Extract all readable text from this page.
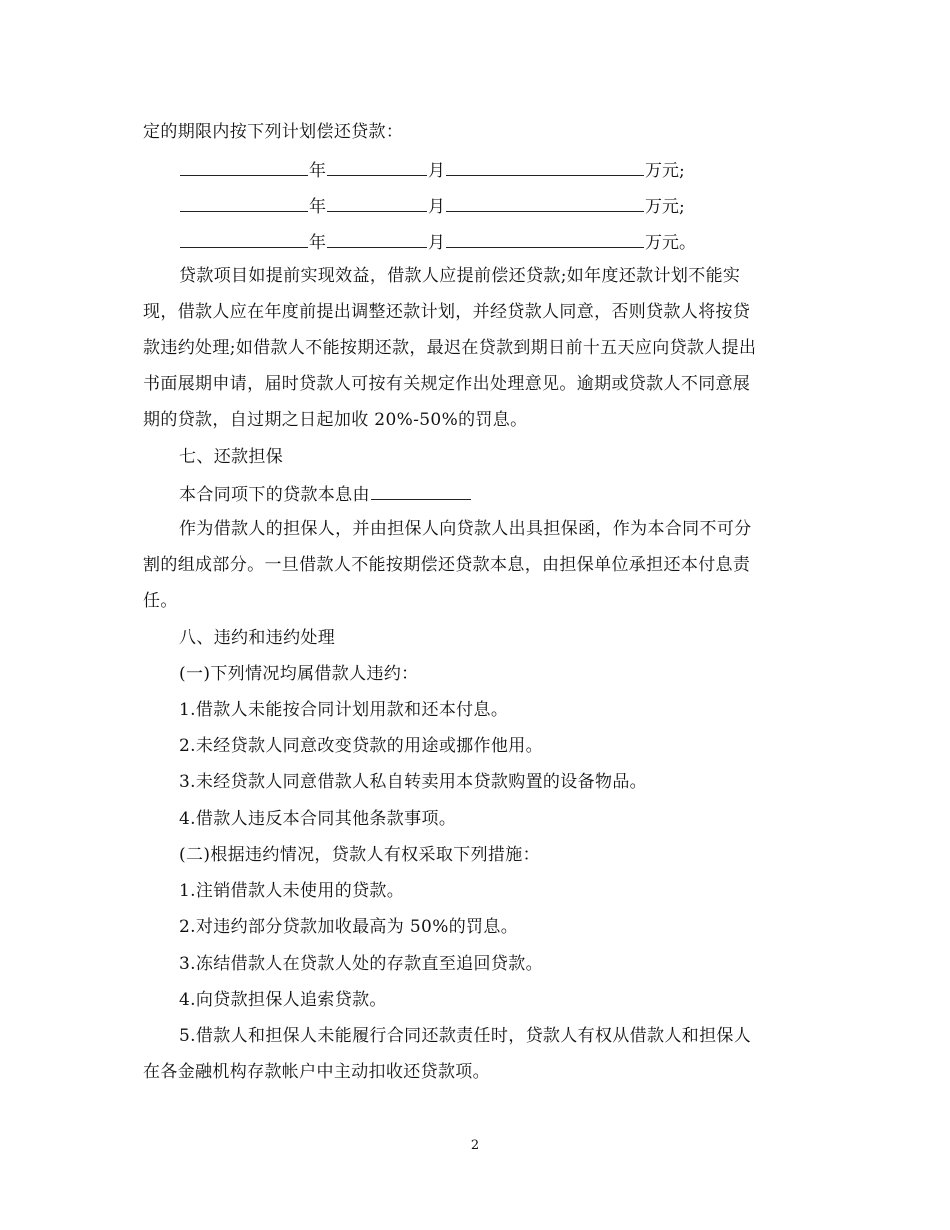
定的期限内按下列计划偿还贷款：
年	月	万元;
年	月	万元;
年	月	万元。
贷款项目如提前实现效益，借款人应提前偿还贷款;如年度还款计划不能实
现，借款人应在年度前提出调整还款计划，并经贷款人同意，否则贷款人将按贷
款违约处理;如借款人不能按期还款，最迟在贷款到期日前十五天应向贷款人提出
书面展期申请，届时贷款人可按有关规定作出处理意见。逾期或贷款人不同意展
期的贷款，自过期之日起加收 20%-50%的罚息。
七、还款担保
本合同项下的贷款本息由
作为借款人的担保人，并由担保人向贷款人出具担保函，作为本合同不可分
割的组成部分。一旦借款人不能按期偿还贷款本息，由担保单位承担还本付息责
任。
八、违约和违约处理
(一)下列情况均属借款人违约：
1.借款人未能按合同计划用款和还本付息。
2.未经贷款人同意改变贷款的用途或挪作他用。
3.未经贷款人同意借款人私自转卖用本贷款购置的设备物品。
4.借款人违反本合同其他条款事项。
(二)根据违约情况，贷款人有权采取下列措施：
1.注销借款人未使用的贷款。
2.对违约部分贷款加收最高为 50%的罚息。
3.冻结借款人在贷款人处的存款直至追回贷款。
4.向贷款担保人追索贷款。
5.借款人和担保人未能履行合同还款责任时，贷款人有权从借款人和担保人
在各金融机构存款帐户中主动扣收还贷款项。
2
